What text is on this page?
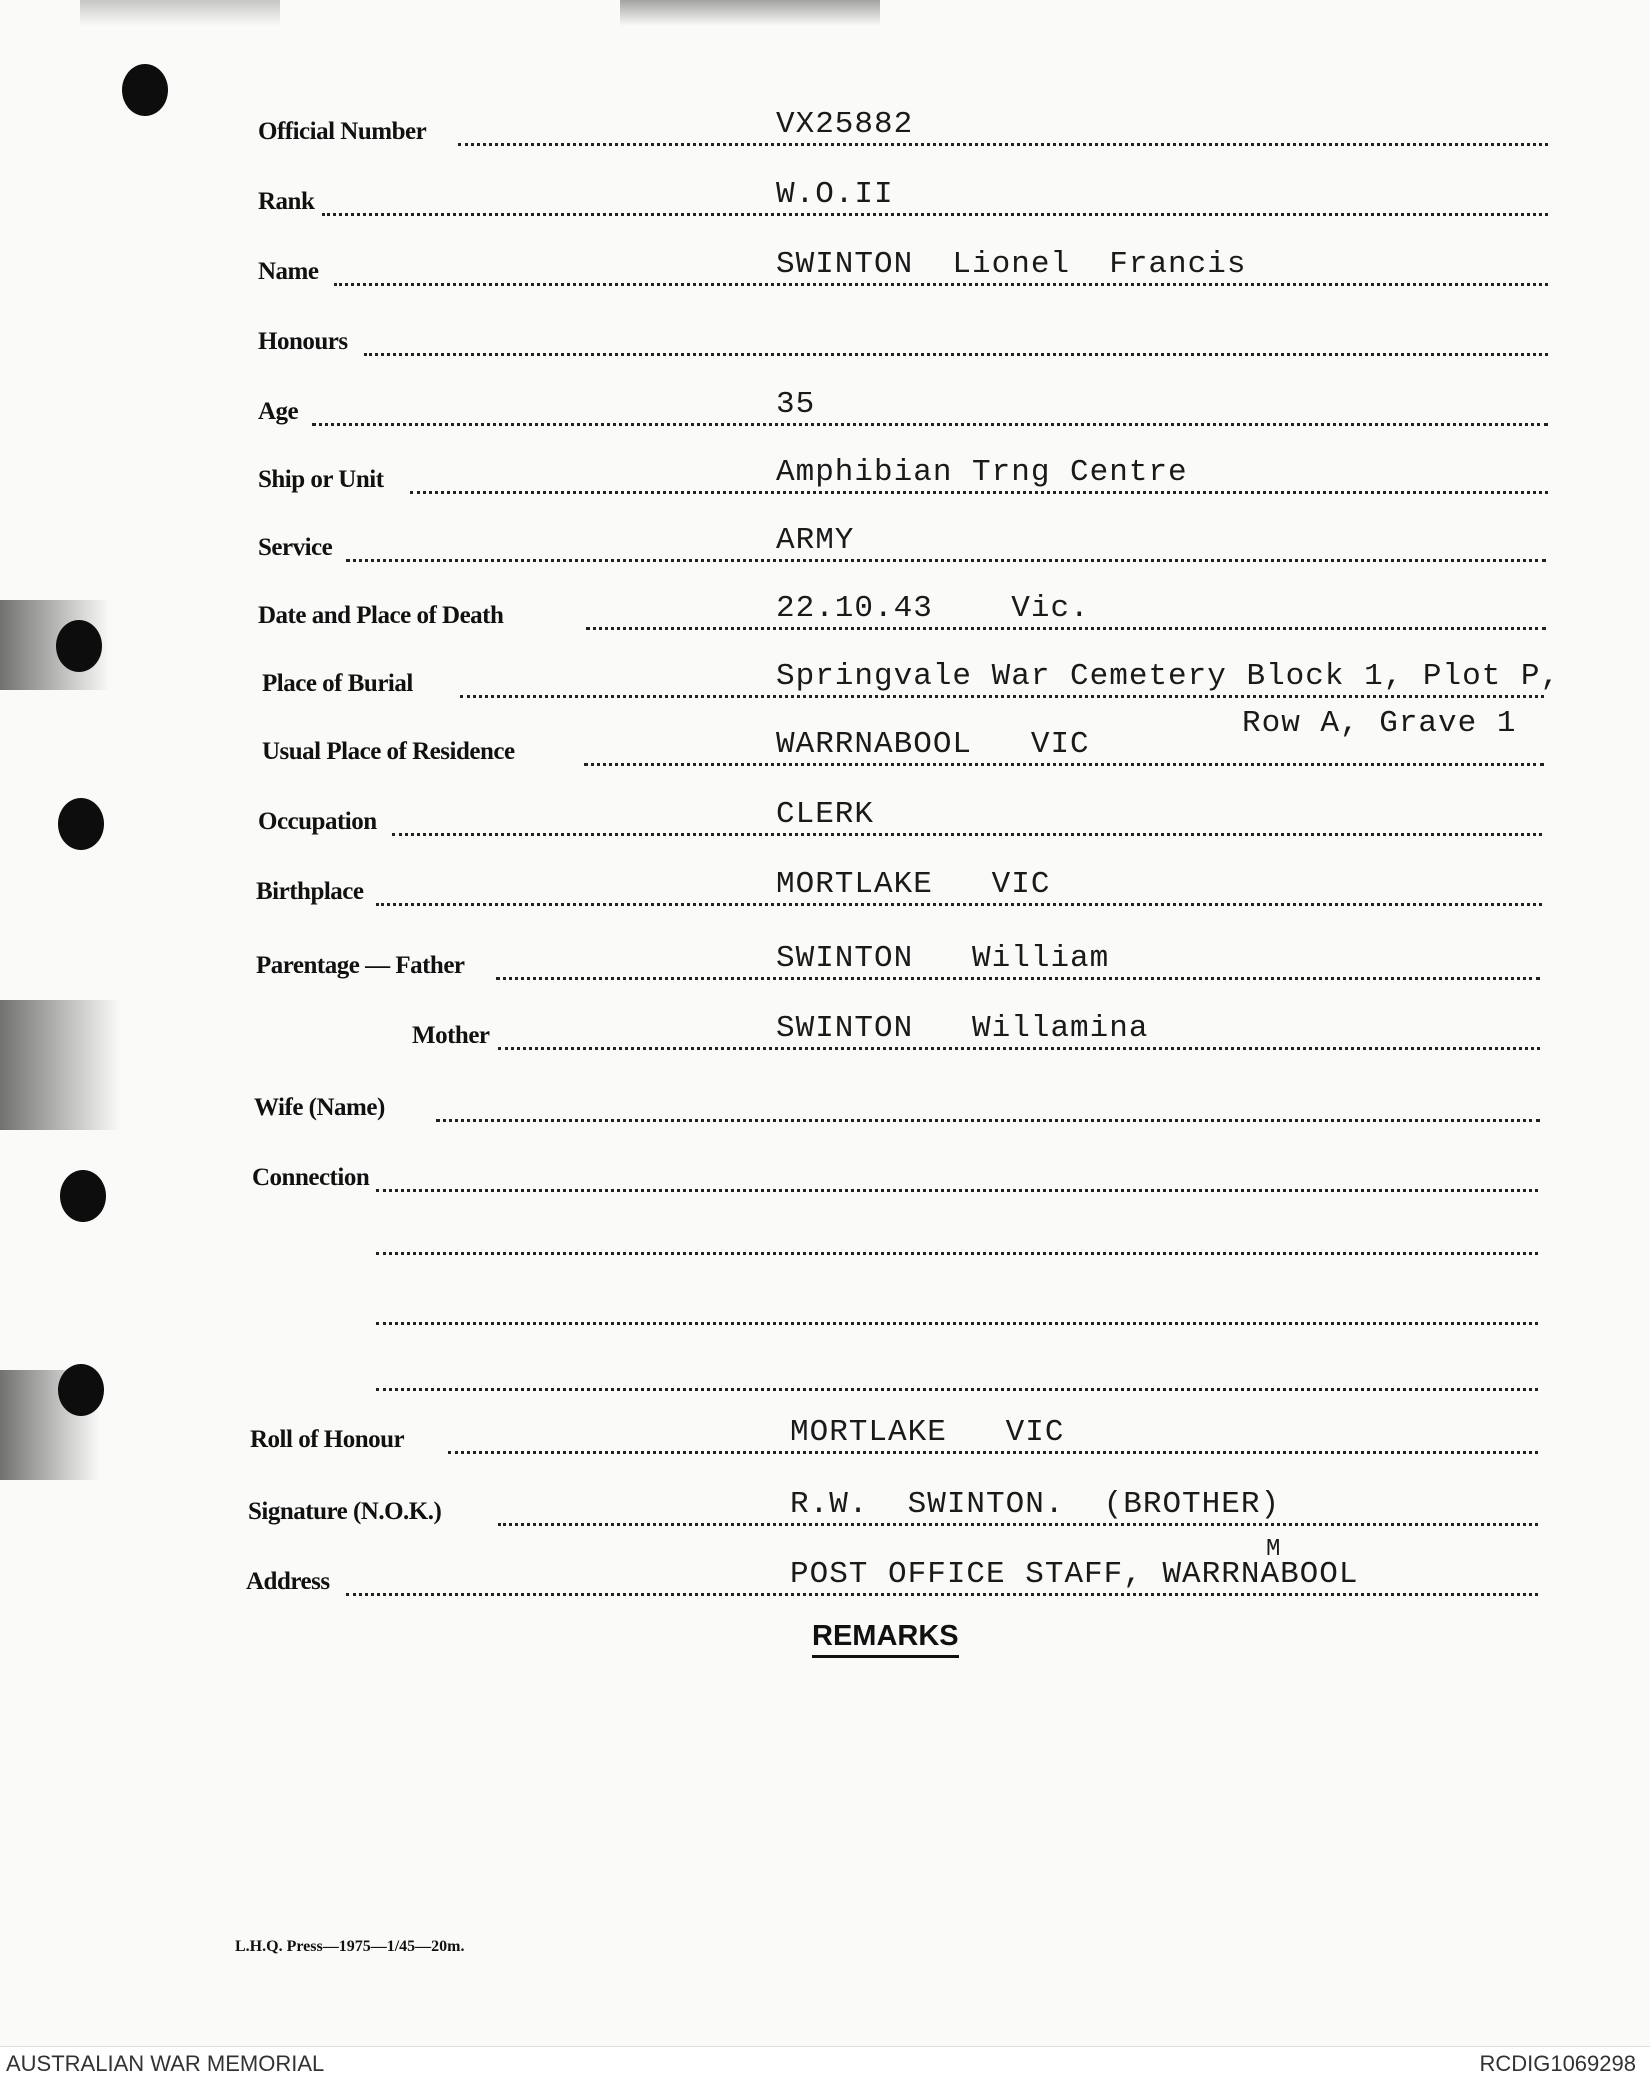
Official Number	VX25882
Rank	W.O.II
Name	SWINTON  Lionel  Francis
Honours
Age	35
Ship or Unit	Amphibian Trng Centre
Service	ARMY
Date and Place of Death	22.10.43    Vic.
Place of Burial	Springvale War Cemetery Block 1, Plot P,
Row A, Grave 1
Usual Place of Residence	WARRNABOOL   VIC
Occupation	CLERK
Birthplace	MORTLAKE   VIC
Parentage — Father	SWINTON   William
Mother	SWINTON   Willamina
Wife (Name)
Connection
Roll of Honour	MORTLAKE   VIC
Signature (N.O.K.)	R.W.  SWINTON.  (BROTHER)
Address	POST OFFICE STAFF, WARRNABOOL
M
REMARKS
L.H.Q. Press—1975—1/45—20m.
AUSTRALIAN WAR MEMORIAL	RCDIG1069298
